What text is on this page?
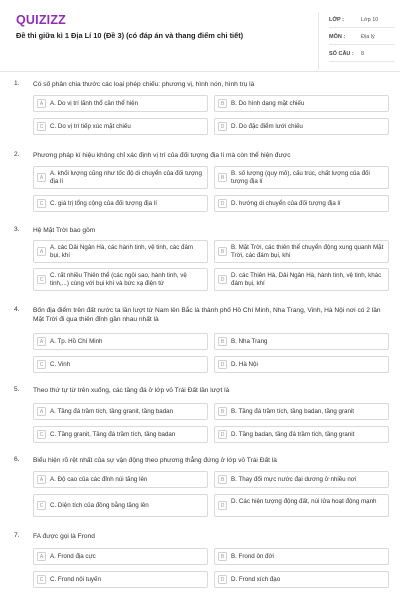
QUIZIZZ
Đề thi giữa kì 1 Địa Lí 10 (Đề 3) (có đáp án và thang điểm chi tiết)
LỚP :	Lớp 10
MÔN :	Địa lý
SỐ CÂU : 8
1. Có số phân chia thước các loại phép chiếu: phương vị, hình nón, hình trụ là
A	A. Do vị trí lãnh thổ cần thể hiện	B	B. Do hình dạng mặt chiếu
C	C. Do vị trí tiếp xúc mặt chiếu	D	D. Do đặc điểm lưới chiếu
2. Phương pháp kí hiệu không chỉ xác định vị trí của đối tượng địa lí mà còn thể hiện được
A
A. khối lượng cũng như tốc độ di chuyển của đối tượng địa lí	B
B. số lượng (quy mô), cấu trúc, chất lượng của đối tượng địa lí
C	C. giá trị tổng cộng của đối tượng địa lí	D	D. hướng di chuyển của đối tượng địa lí
3. Hệ Mặt Trời bao gồm
A
A. các Dải Ngân Hà, các hành tinh, vệ tinh, các đám bụi, khí	B
B. Mặt Trời, các thiên thể chuyển động xung quanh Mặt Trời, các đám bụi, khí
C
C. rất nhiều Thiên thể (các ngôi sao, hành tinh, vệ tinh,...) cùng với bụi khí và bức xạ điện từ	D
D. các Thiên Hà, Dải Ngân Hà, hành tinh, vệ tinh, khác đám bụi, khí
4. Bốn địa điểm trên đất nước ta lần lượt từ Nam lên Bắc là thành phố Hồ Chí Minh, Nha Trang, Vinh, Hà Nội nơi có 2 lần Mặt Trời đi qua thiên đỉnh gần nhau nhất là
A	A. Tp. Hồ Chí Minh	B	B. Nha Trang
C	C. Vinh	D	D. Hà Nội
5. Theo thứ tự từ trên xuống, các tầng đá ở lớp vỏ Trái Đất lần lượt là
A	A. Tầng đá trầm tích, tầng granit, tầng badan	B	B. Tầng đá trầm tích, tầng badan, tầng granit
C	C. Tầng granit, Tầng đá trầm tích, tầng badan	D	D. Tầng badan, tầng đá trầm tích, tầng granit
6. Biểu hiện rõ rệt nhất của sự vận động theo phương thẳng đứng ở lớp vỏ Trái Đất là
A	A. Độ cao của các đỉnh núi tăng lên	B	B. Thay đổi mực nước đại dương ở nhiều nơi
C	C. Diện tích của đồng bằng tăng lên	D
D. Các hiện tượng động đất, núi lửa hoạt động mạnh
7. FA được gọi là Frond
A	A. Frond địa cực	B	B. Frond ôn đới
C	C. Frond nội tuyến	D	D. Frond xích đạo
